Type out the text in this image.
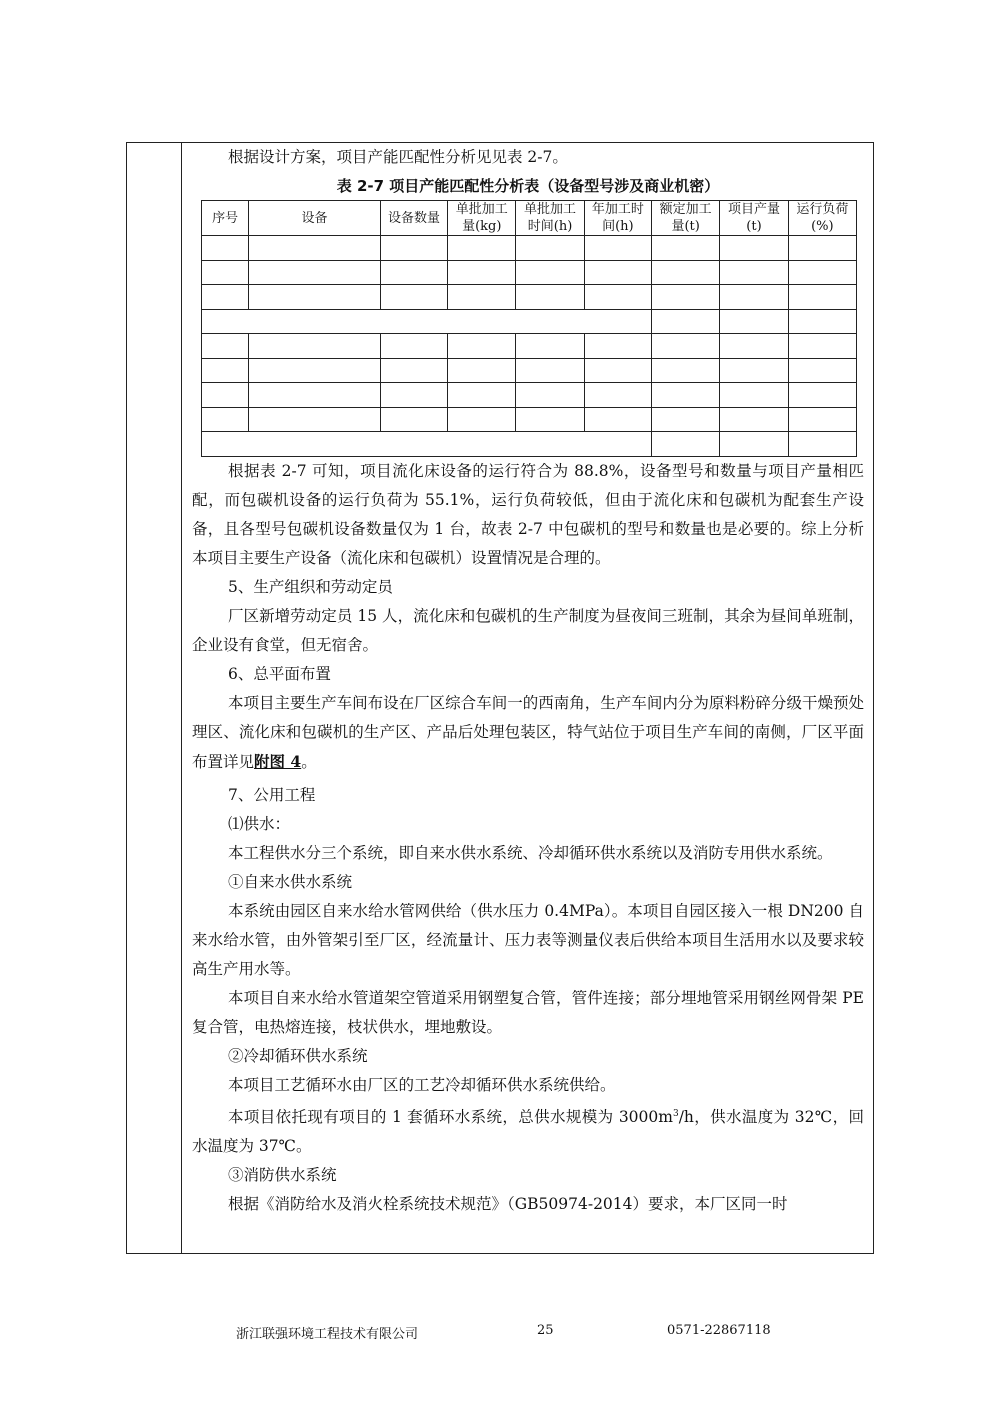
根据设计方案，项目产能匹配性分析见见表 2-7。

表 2-7 项目产能匹配性分析表（设备型号涉及商业机密）
序号	设备	设备数量	单批加工量(kg)	单批加工时间(h)	年加工时间(h)	额定加工量(t)	项目产量(t)	运行负荷(%)

根据表 2-7 可知，项目流化床设备的运行符合为 88.8%，设备型号和数量与项目产量相匹配，而包碳机设备的运行负荷为 55.1%，运行负荷较低，但由于流化床和包碳机为配套生产设备，且各型号包碳机设备数量仅为 1 台，故表 2-7 中包碳机的型号和数量也是必要的。综上分析本项目主要生产设备（流化床和包碳机）设置情况是合理的。

5、生产组织和劳动定员

厂区新增劳动定员 15 人，流化床和包碳机的生产制度为昼夜间三班制，其余为昼间单班制，企业设有食堂，但无宿舍。

6、总平面布置

本项目主要生产车间布设在厂区综合车间一的西南角，生产车间内分为原料粉碎分级干燥预处理区、流化床和包碳机的生产区、产品后处理包装区，特气站位于项目生产车间的南侧，厂区平面布置详见附图 4。

7、公用工程

⑴供水：

本工程供水分三个系统，即自来水供水系统、冷却循环供水系统以及消防专用供水系统。

①自来水供水系统

本系统由园区自来水给水管网供给（供水压力 0.4MPa）。本项目自园区接入一根 DN200 自来水给水管，由外管架引至厂区，经流量计、压力表等测量仪表后供给本项目生活用水以及要求较高生产用水等。

本项目自来水给水管道架空管道采用钢塑复合管，管件连接；部分埋地管采用钢丝网骨架 PE 复合管，电热熔连接，枝状供水，埋地敷设。

②冷却循环供水系统

本项目工艺循环水由厂区的工艺冷却循环供水系统供给。

本项目依托现有项目的 1 套循环水系统，总供水规模为 $3000m^3/h$，供水温度为 32℃，回水温度为 37℃。

③消防供水系统

根据《消防给水及消火栓系统技术规范》（GB50974-2014）要求，本厂区同一时

浙江联强环境工程技术有限公司	25	0571-22867118
